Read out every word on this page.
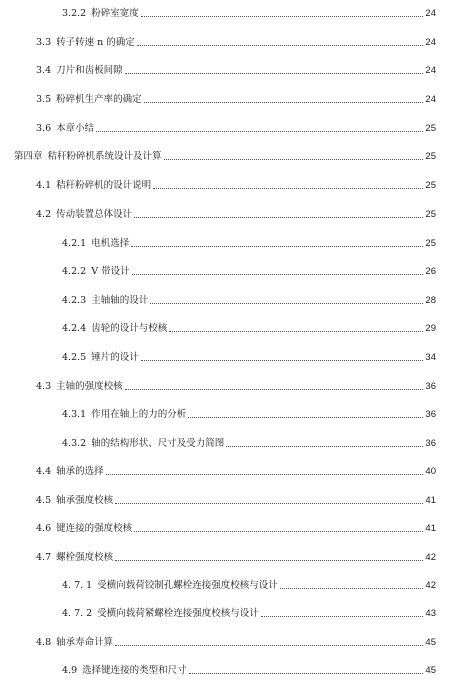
3.2.2 粉碎室宽度	24
3.3 转子转速 n 的确定	24
3.4 刀片和齿板间隙	24
3.5 粉碎机生产率的确定	24
3.6 本章小结	25
第四章 秸秆粉碎机系统设计及计算	25
4.1 秸秆粉碎机的设计说明	25
4.2 传动装置总体设计	25
4.2.1 电机选择	25
4.2.2 V 带设计	26
4.2.3 主轴轴的设计	28
4.2.4 齿轮的设计与校核	29
4.2.5 锤片的设计	34
4.3 主轴的强度校核	36
4.3.1 作用在轴上的力的分析	36
4.3.2 轴的结构形状、尺寸及受力简图	36
4.4 轴承的选择	40
4.5 轴承强度校核	41
4.6 键连接的强度校核	41
4.7 螺栓强度校核	42
4. 7. 1 受横向载荷铰制孔螺栓连接强度校核与设计	42
4. 7. 2 受横向载荷紧螺栓连接强度校核与设计	43
4.8 轴承寿命计算	45
4.9 选择键连接的类型和尺寸	45
